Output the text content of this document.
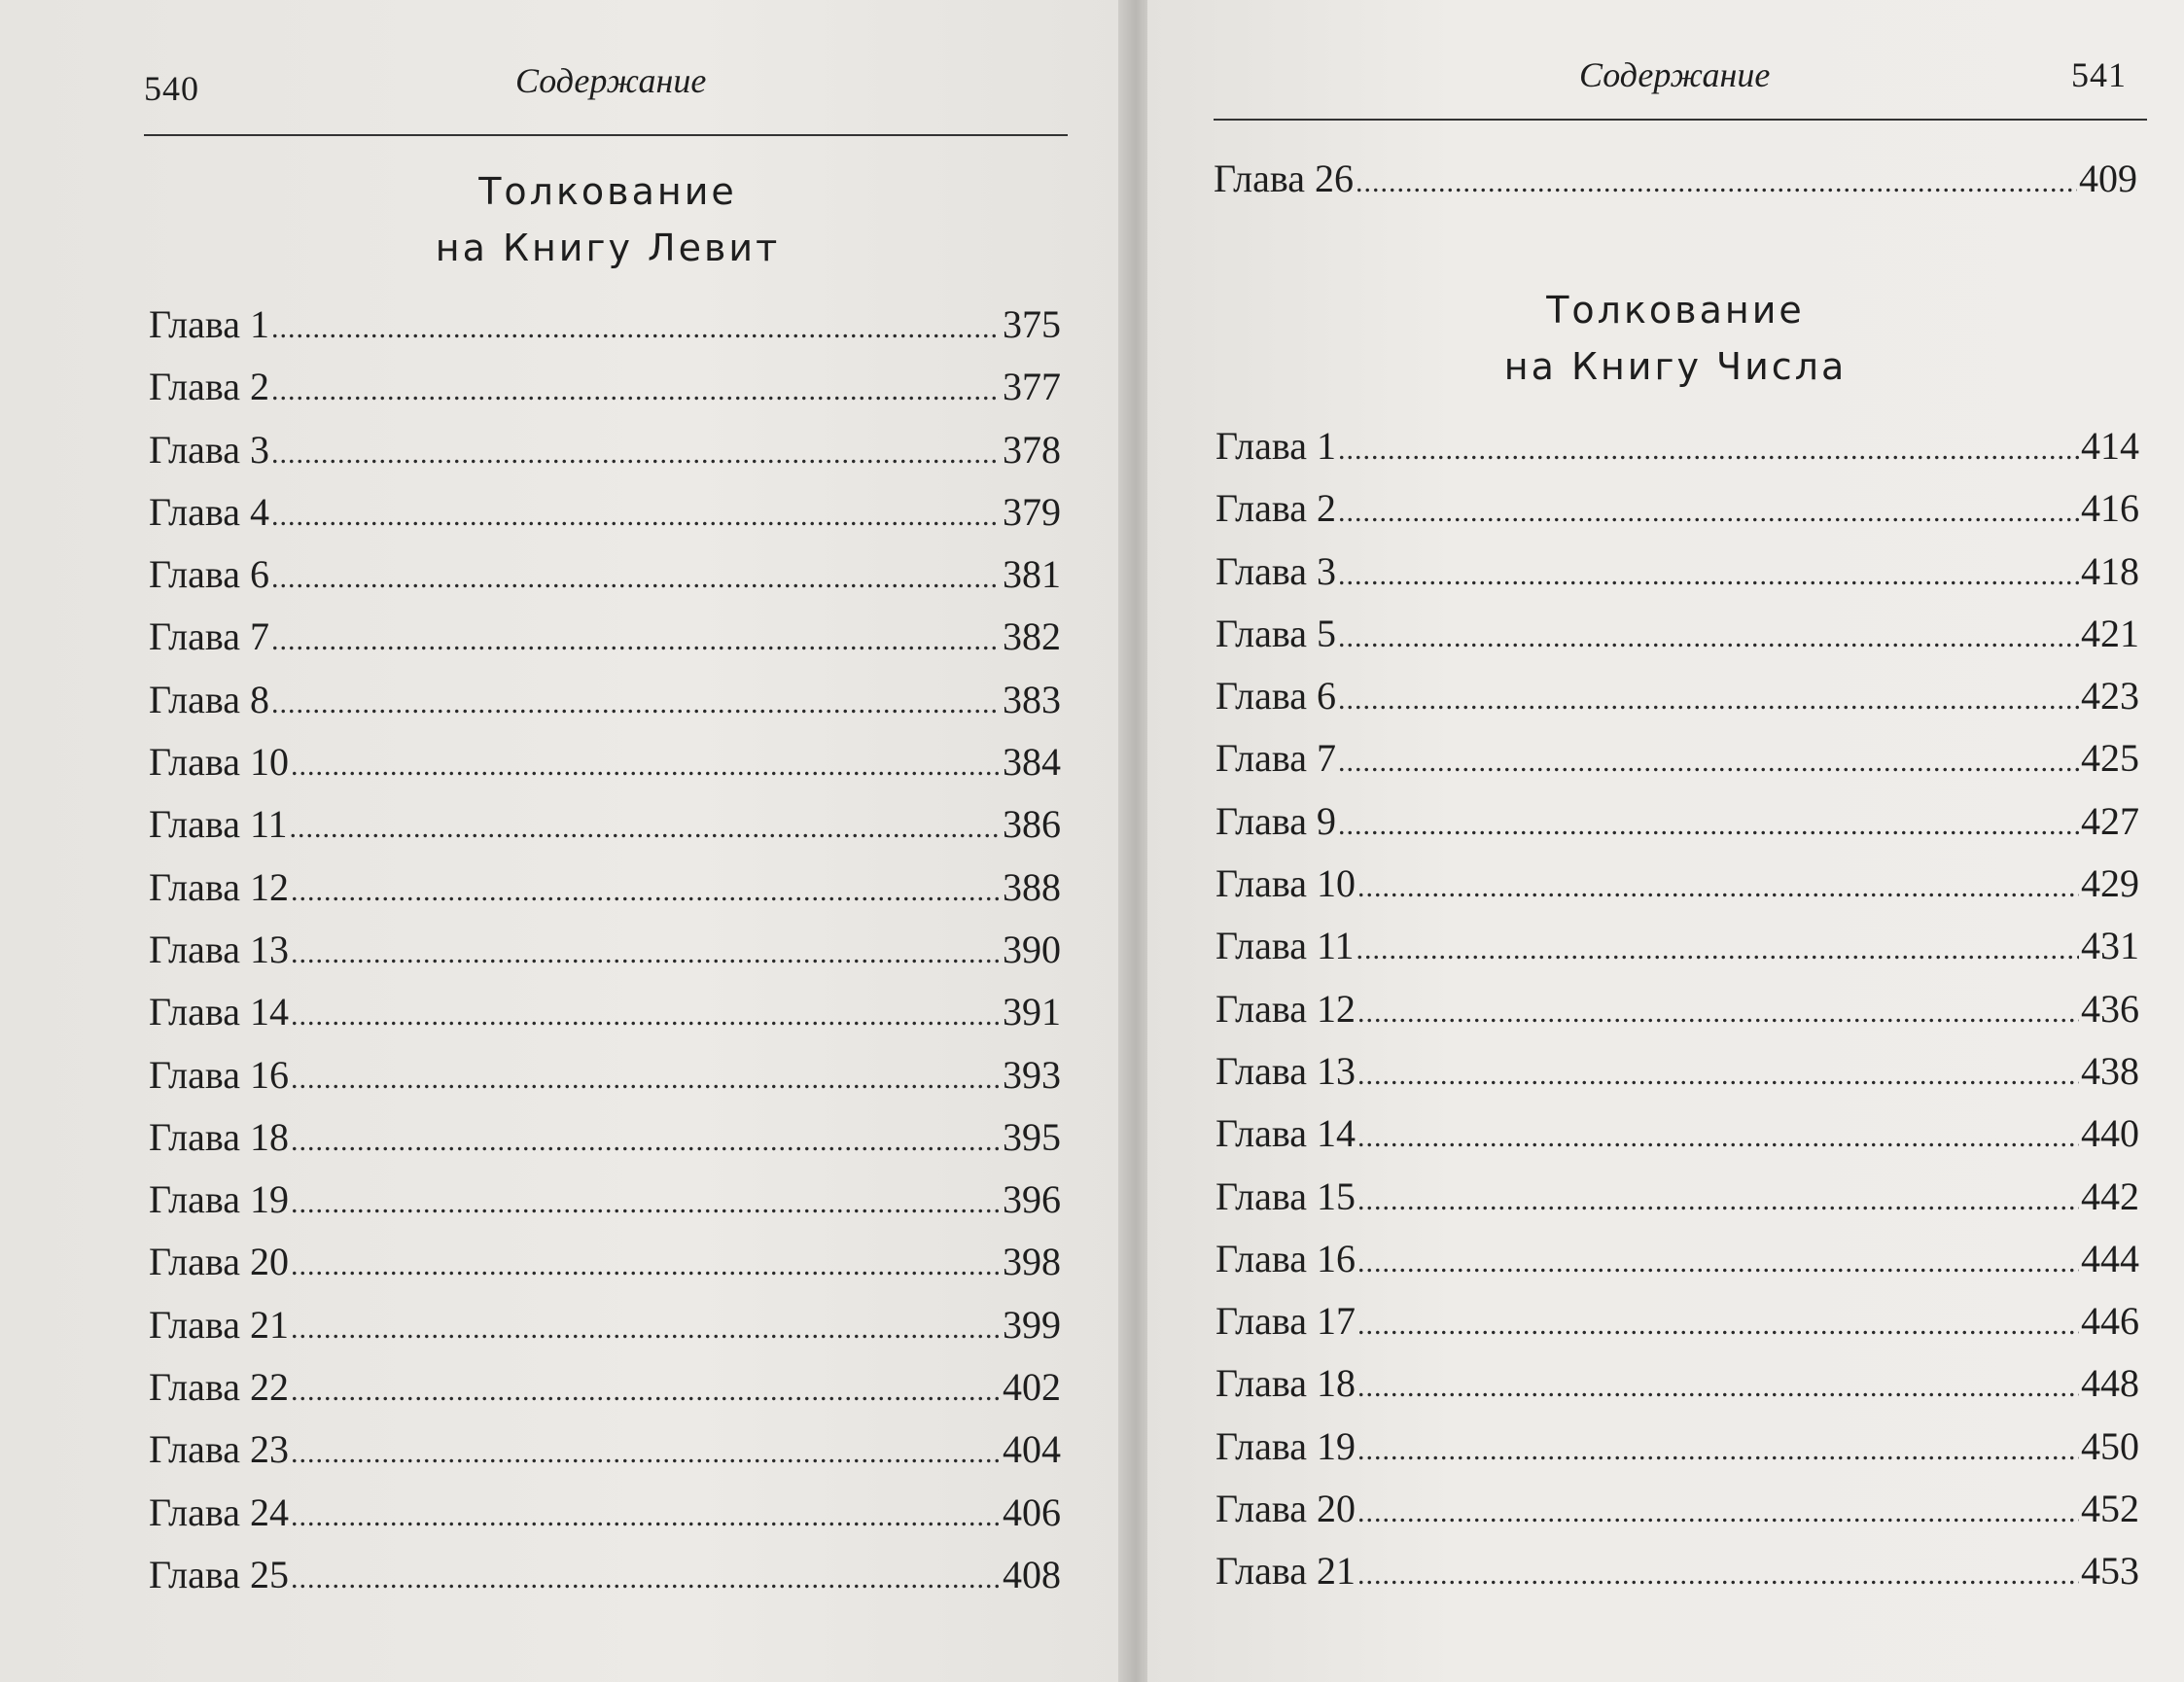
540	Содержание
Толкование
на Книгу Левит
Глава 1 .....	375
Глава 2 .....	377
Глава 3 .....	378
Глава 4 .....	379
Глава 6 .....	381
Глава 7 .....	382
Глава 8 .....	383
Глава 10 .....	384
Глава 11 .....	386
Глава 12 .....	388
Глава 13 .....	390
Глава 14 .....	391
Глава 16 .....	393
Глава 18 .....	395
Глава 19 .....	396
Глава 20 .....	398
Глава 21 .....	399
Глава 22 .....	402
Глава 23 .....	404
Глава 24 .....	406
Глава 25 .....	408
Содержание	541
Глава 26 .....	409
Толкование
на Книгу Числа
Глава 1 .....	414
Глава 2 .....	416
Глава 3 .....	418
Глава 5 .....	421
Глава 6 .....	423
Глава 7 .....	425
Глава 9 .....	427
Глава 10 .....	429
Глава 11 .....	431
Глава 12 .....	436
Глава 13 .....	438
Глава 14 .....	440
Глава 15 .....	442
Глава 16 .....	444
Глава 17 .....	446
Глава 18 .....	448
Глава 19 .....	450
Глава 20 .....	452
Глава 21 .....	453
